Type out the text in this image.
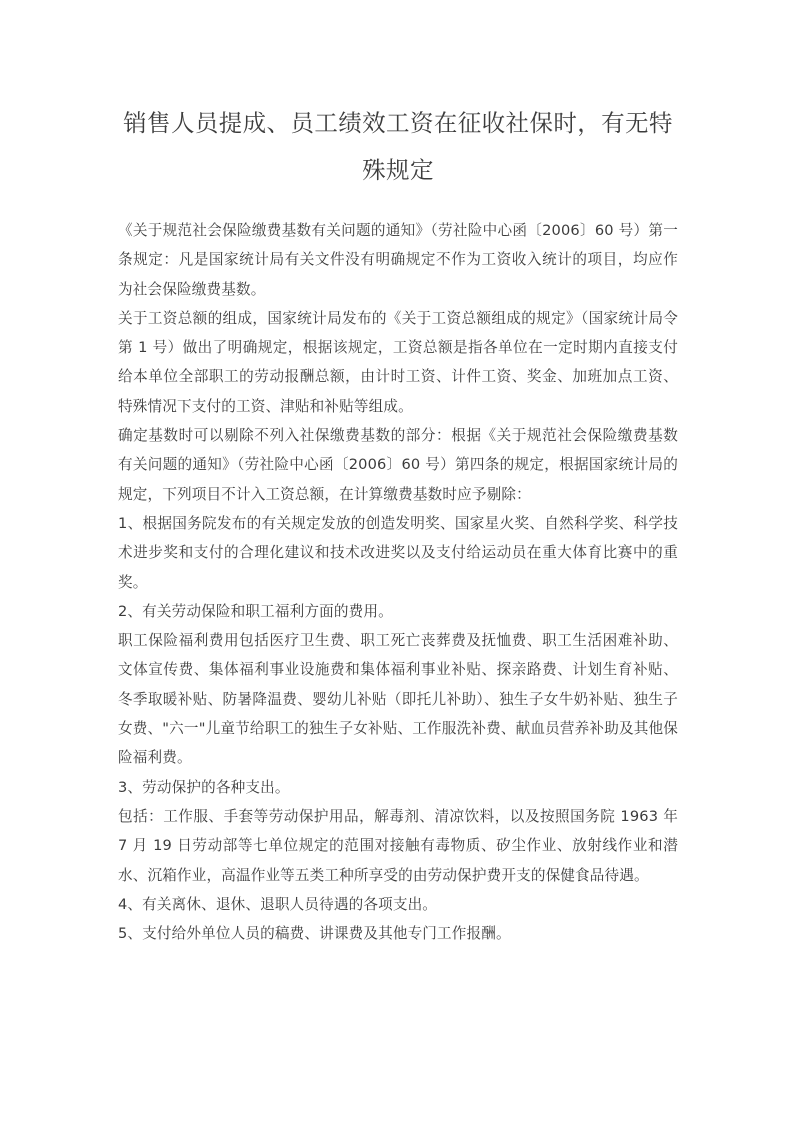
销售人员提成、员工绩效工资在征收社保时，有无特殊规定

《关于规范社会保险缴费基数有关问题的通知》（劳社险中心函〔2006〕60 号）第一条规定：凡是国家统计局有关文件没有明确规定不作为工资收入统计的项目，均应作为社会保险缴费基数。

关于工资总额的组成，国家统计局发布的《关于工资总额组成的规定》（国家统计局令第 1 号）做出了明确规定，根据该规定，工资总额是指各单位在一定时期内直接支付给本单位全部职工的劳动报酬总额，由计时工资、计件工资、奖金、加班加点工资、特殊情况下支付的工资、津贴和补贴等组成。

确定基数时可以剔除不列入社保缴费基数的部分：根据《关于规范社会保险缴费基数有关问题的通知》（劳社险中心函〔2006〕60 号）第四条的规定，根据国家统计局的规定，下列项目不计入工资总额，在计算缴费基数时应予剔除：

1、根据国务院发布的有关规定发放的创造发明奖、国家星火奖、自然科学奖、科学技术进步奖和支付的合理化建议和技术改进奖以及支付给运动员在重大体育比赛中的重奖。

2、有关劳动保险和职工福利方面的费用。

职工保险福利费用包括医疗卫生费、职工死亡丧葬费及抚恤费、职工生活困难补助、文体宣传费、集体福利事业设施费和集体福利事业补贴、探亲路费、计划生育补贴、冬季取暖补贴、防暑降温费、婴幼儿补贴（即托儿补助）、独生子女牛奶补贴、独生子女费、"六一"儿童节给职工的独生子女补贴、工作服洗补费、献血员营养补助及其他保险福利费。

3、劳动保护的各种支出。

包括：工作服、手套等劳动保护用品，解毒剂、清凉饮料，以及按照国务院 1963 年 7 月 19 日劳动部等七单位规定的范围对接触有毒物质、矽尘作业、放射线作业和潜水、沉箱作业，高温作业等五类工种所享受的由劳动保护费开支的保健食品待遇。

4、有关离休、退休、退职人员待遇的各项支出。

5、支付给外单位人员的稿费、讲课费及其他专门工作报酬。
